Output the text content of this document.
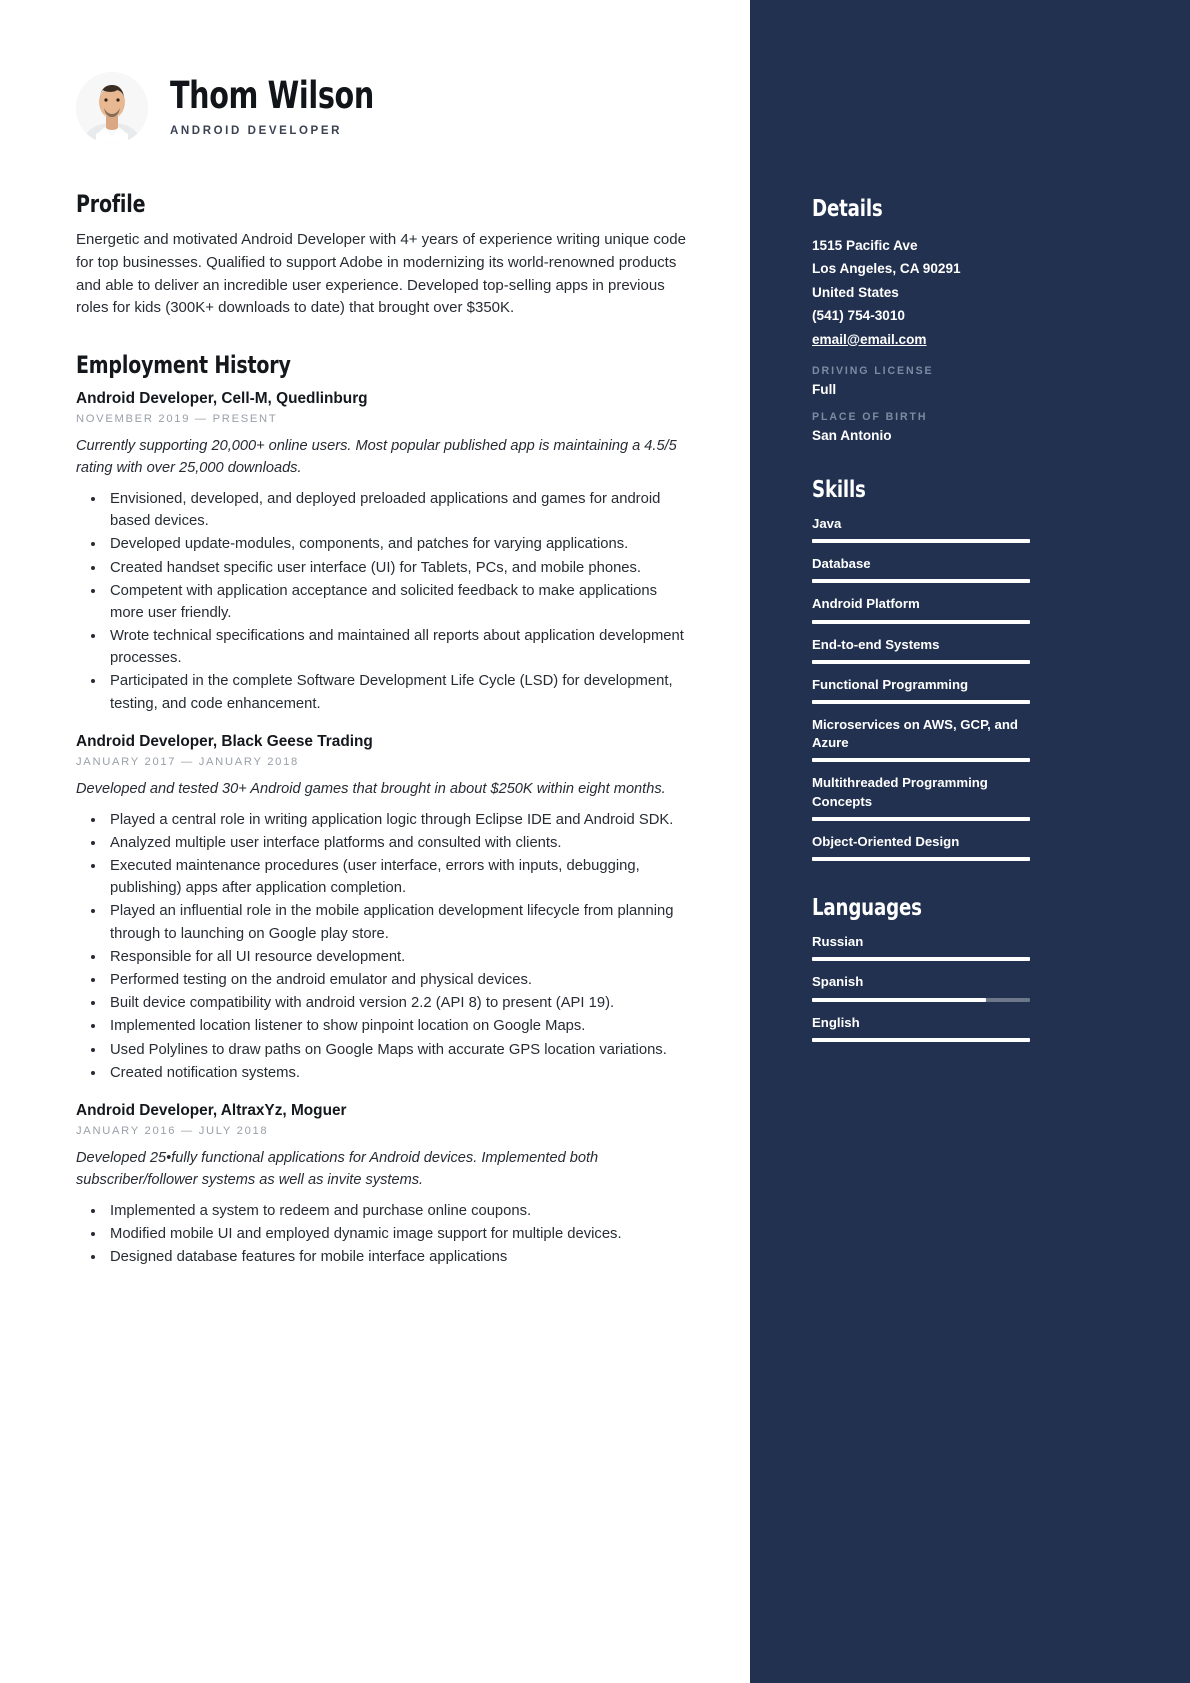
Thom Wilson
ANDROID DEVELOPER
Profile

Energetic and motivated Android Developer with 4+ years of experience writing unique code for top businesses. Qualified to support Adobe in modernizing its world-renowned products and able to deliver an incredible user experience. Developed top-selling apps in previous roles for kids (300K+ downloads to date) that brought over $350K.

Employment History
Android Developer, Cell-M, Quedlinburg
NOVEMBER 2019 — PRESENT
Currently supporting 20,000+ online users. Most popular published app is maintaining a 4.5/5 rating with over 25,000 downloads.
• Envisioned, developed, and deployed preloaded applications and games for android based devices.
• Developed update-modules, components, and patches for varying applications.
• Created handset specific user interface (UI) for Tablets, PCs, and mobile phones.
• Competent with application acceptance and solicited feedback to make applications more user friendly.
• Wrote technical specifications and maintained all reports about application development processes.
• Participated in the complete Software Development Life Cycle (LSD) for development, testing, and code enhancement.
Android Developer, Black Geese Trading
JANUARY 2017 — JANUARY 2018
Developed and tested 30+ Android games that brought in about $250K within eight months.
• Played a central role in writing application logic through Eclipse IDE and Android SDK.
• Analyzed multiple user interface platforms and consulted with clients.
• Executed maintenance procedures (user interface, errors with inputs, debugging, publishing) apps after application completion.
• Played an influential role in the mobile application development lifecycle from planning through to launching on Google play store.
• Responsible for all UI resource development.
• Performed testing on the android emulator and physical devices.
• Built device compatibility with android version 2.2 (API 8) to present (API 19).
• Implemented location listener to show pinpoint location on Google Maps.
• Used Polylines to draw paths on Google Maps with accurate GPS location variations.
• Created notification systems.
Android Developer, AltraxYz, Moguer
JANUARY 2016 — JULY 2018
Developed 25•fully functional applications for Android devices. Implemented both subscriber/follower systems as well as invite systems.
• Implemented a system to redeem and purchase online coupons.
• Modified mobile UI and employed dynamic image support for multiple devices.
• Designed database features for mobile interface applications
Details
1515 Pacific Ave
Los Angeles, CA 90291
United States
(541) 754-3010
email@email.com
DRIVING LICENSE
Full
PLACE OF BIRTH
San Antonio
Skills
Java
Database
Android Platform
End-to-end Systems
Functional Programming
Microservices on AWS, GCP, and Azure
Multithreaded Programming Concepts
Object-Oriented Design
Languages
Russian
Spanish
English
